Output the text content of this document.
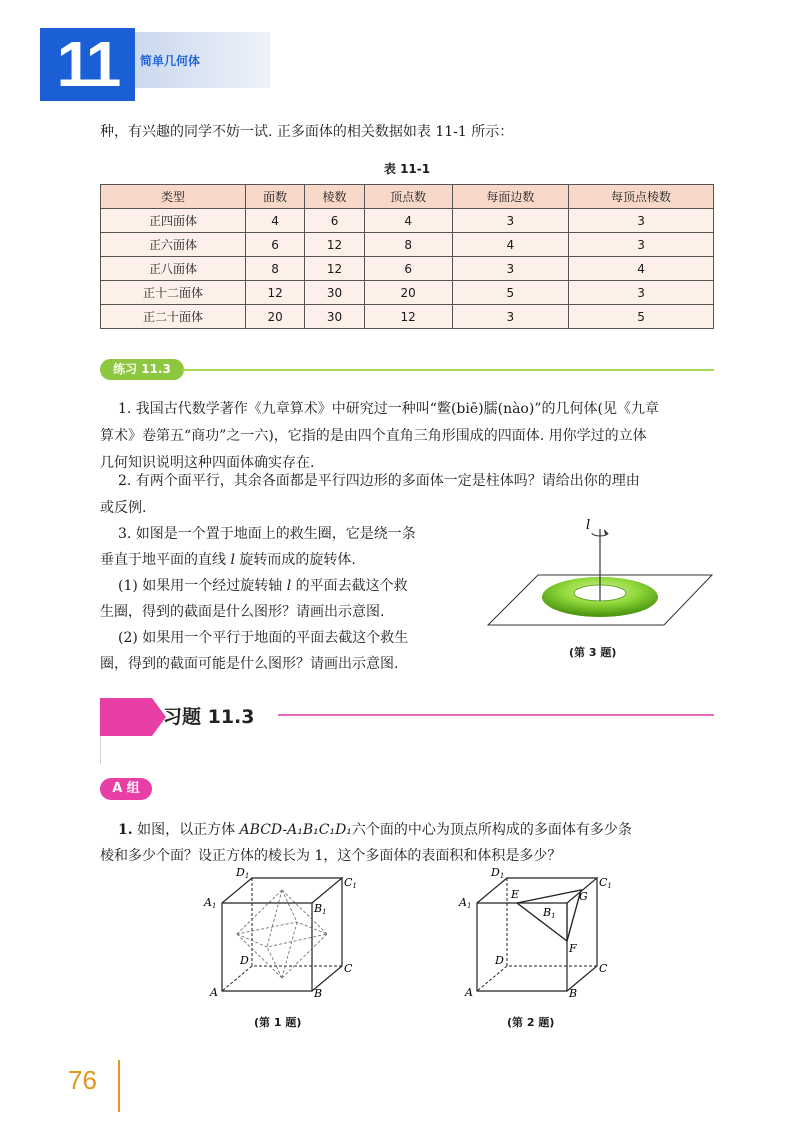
11	简单几何体
种，有兴趣的同学不妨一试. 正多面体的相关数据如表 11-1 所示：
表 11-1
类型	面数	棱数	顶点数	每面边数	每顶点棱数
正四面体	4	6	4	3	3
正六面体	6	12	8	4	3
正八面体	8	12	6	3	4
正十二面体	12	30	20	5	3
正二十面体	20	30	12	3	5
练习 11.3
1. 我国古代数学著作《九章算术》中研究过一种叫“鳖(biē)臑(nào)”的几何体(见《九章
算术》卷第五“商功”之一六)，它指的是由四个直角三角形围成的四面体. 用你学过的立体
几何知识说明这种四面体确实存在.
2. 有两个面平行，其余各面都是平行四边形的多面体一定是柱体吗？请给出你的理由
或反例.
3. 如图是一个置于地面上的救生圈，它是绕一条
垂直于地平面的直线 l 旋转而成的旋转体.
(1) 如果用一个经过旋转轴 l 的平面去截这个救
生圈，得到的截面是什么图形？请画出示意图.
(2) 如果用一个平行于地面的平面去截这个救生
圈，得到的截面可能是什么图形？请画出示意图.
l
(第 3 题)
习题 11.3
A 组
1. 如图，以正方体 ABCD-A₁B₁C₁D₁六个面的中心为顶点所构成的多面体有多少条
棱和多少个面？设正方体的棱长为 1，这个多面体的表面积和体积是多少？
D1	C1
A1	B1
D
C
A	B
(第 1 题)
D1	C1
A1	B1
E	G
F
D
C
A	B
(第 2 题)
76
